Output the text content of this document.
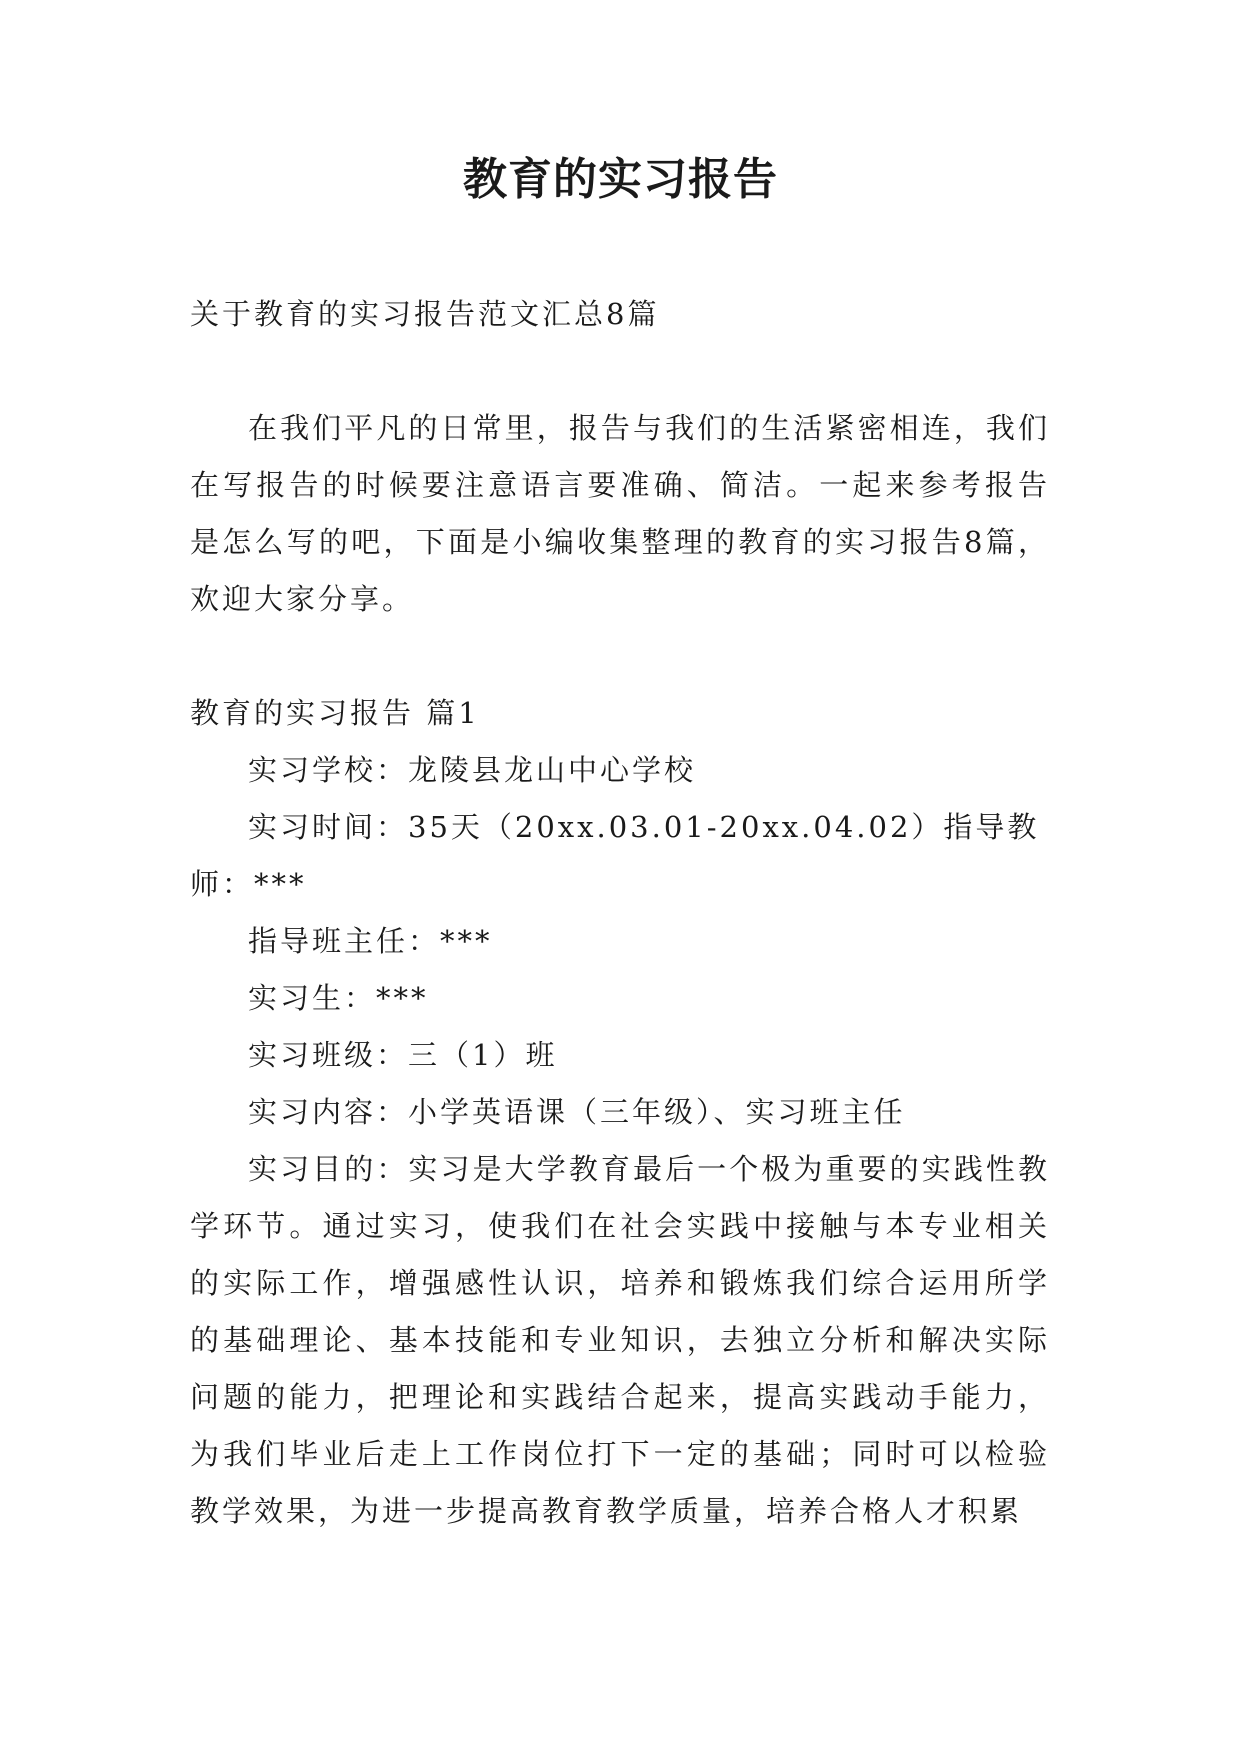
教育的实习报告

关于教育的实习报告范文汇总8篇

在我们平凡的日常里，报告与我们的生活紧密相连，我们在写报告的时候要注意语言要准确、简洁。一起来参考报告是怎么写的吧，下面是小编收集整理的教育的实习报告8篇，欢迎大家分享。

教育的实习报告 篇1

实习学校：龙陵县龙山中心学校

实习时间：35天（20xx.03.01-20xx.04.02）指导教师：***

指导班主任：***

实习生：***

实习班级：三（1）班

实习内容：小学英语课（三年级）、实习班主任

实习目的：实习是大学教育最后一个极为重要的实践性教学环节。通过实习，使我们在社会实践中接触与本专业相关的实际工作，增强感性认识，培养和锻炼我们综合运用所学的基础理论、基本技能和专业知识，去独立分析和解决实际问题的能力，把理论和实践结合起来，提高实践动手能力，为我们毕业后走上工作岗位打下一定的基础；同时可以检验教学效果，为进一步提高教育教学质量，培养合格人才积累
